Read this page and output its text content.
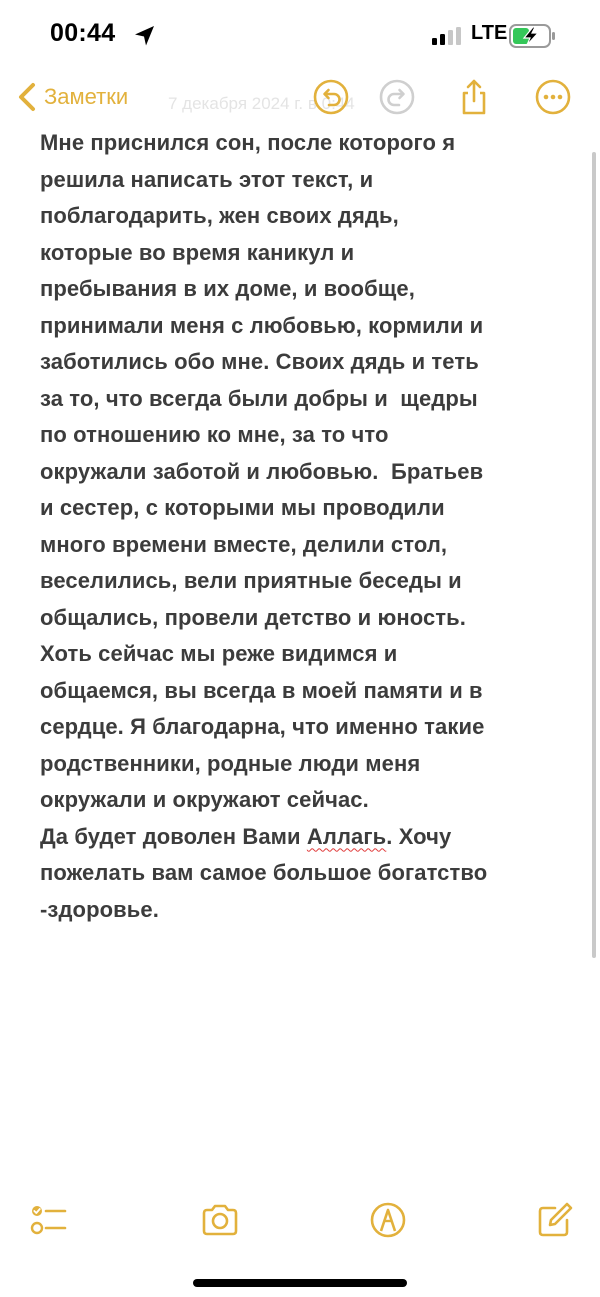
00:44	LTE
7 декабря 2024 г. в 0:44
Заметки
Мне приснился сон, после которого я
решила написать этот текст, и
поблагодарить, жен своих дядь,
которые во время каникул и
пребывания в их доме, и вообще,
принимали меня с любовью, кормили и
заботились обо мне. Своих дядь и теть
за то, что всегда были добры и  щедры
по отношению ко мне, за то что
окружали заботой и любовью.  Братьев
и сестер, с которыми мы проводили
много времени вместе, делили стол,
веселились, вели приятные беседы и
общались, провели детство и юность.
Хоть сейчас мы реже видимся и
общаемся, вы всегда в моей памяти и в
сердце. Я благодарна, что именно такие
родственники, родные люди меня
окружали и окружают сейчас.
Да будет доволен Вами Аллагь. Хочу
пожелать вам самое большое богатство
-здоровье.
